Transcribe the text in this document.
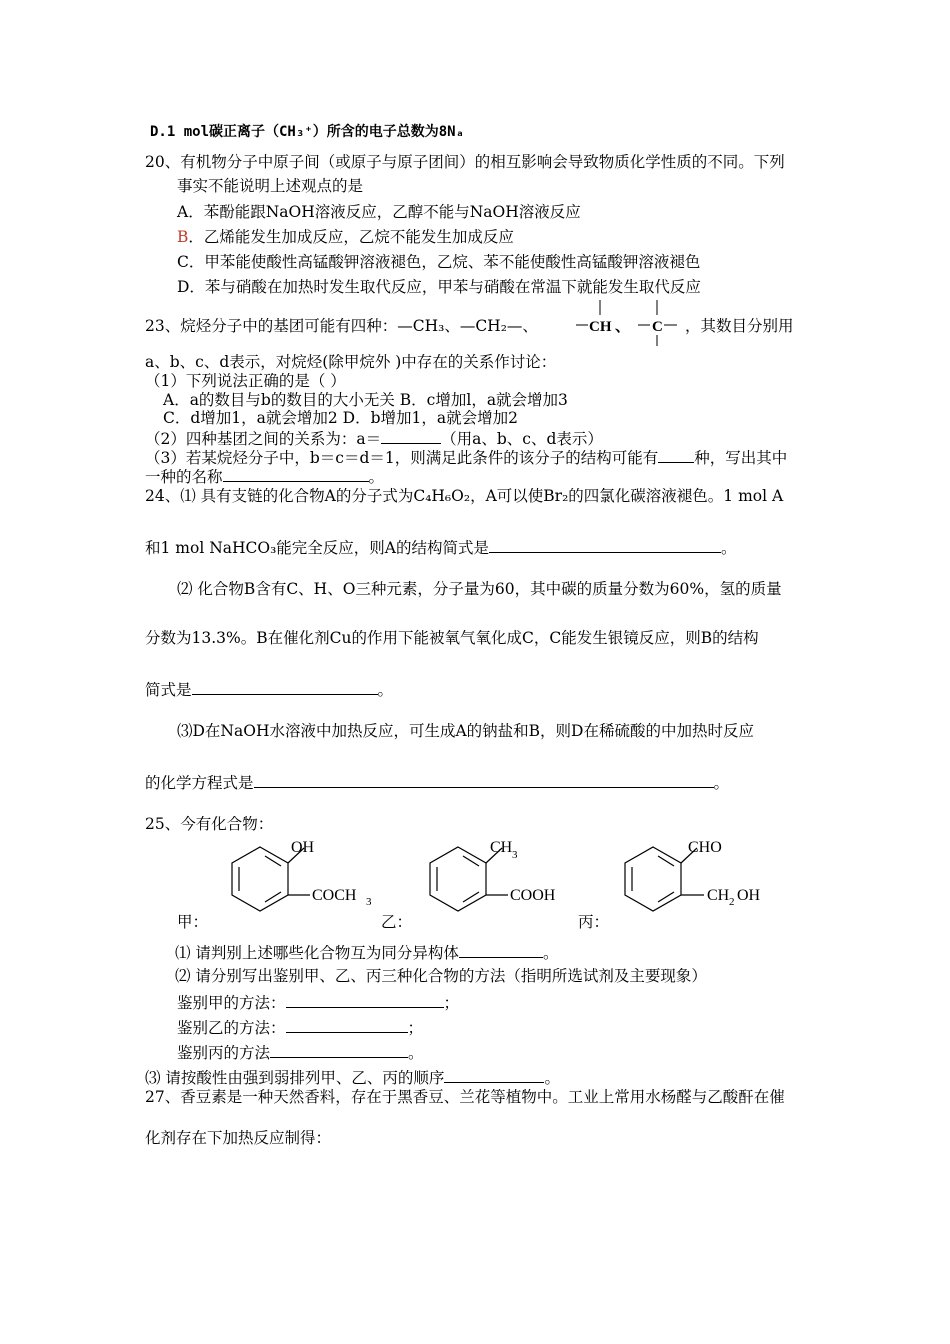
D.1 mol碳正离子（CH₃⁺）所含的电子总数为8Nₐ
20、有机物分子中原子间（或原子与原子团间）的相互影响会导致物质化学性质的不同。下列
事实不能说明上述观点的是
A．苯酚能跟NaOH溶液反应，乙醇不能与NaOH溶液反应
B．乙烯能发生加成反应，乙烷不能发生加成反应
C．甲苯能使酸性高锰酸钾溶液褪色，乙烷、苯不能使酸性高锰酸钾溶液褪色
D．苯与硝酸在加热时发生取代反应，甲苯与硝酸在常温下就能发生取代反应
23、烷烃分子中的基团可能有四种：—CH₃、—CH₂—、	CH 、 C ，其数目分别用
a、b、c、d表示，对烷烃(除甲烷外 )中存在的关系作讨论：
（1）下列说法正确的是（ ）
A．a的数目与b的数目的大小无关 B．c增加l，a就会增加3
C．d增加1，a就会增加2 D．b增加1，a就会增加2
（2）四种基团之间的关系为：a＝	（用a、b、c、d表示）
（3）若某烷烃分子中，b＝c＝d＝1，则满足此条件的该分子的结构可能有 种，写出其中
一种的名称	。
24、⑴ 具有支链的化合物A的分子式为C₄H₆O₂，A可以使Br₂的四氯化碳溶液褪色。1 mol A
和1 mol NaHCO₃能完全反应，则A的结构简式是	。
⑵ 化合物B含有C、H、O三种元素，分子量为60，其中碳的质量分数为60%，氢的质量
分数为13.3%。B在催化剂Cu的作用下能被氧气氧化成C，C能发生银镜反应，则B的结构
简式是	。
⑶D在NaOH水溶液中加热反应，可生成A的钠盐和B，则D在稀硫酸的中加热时反应
的化学方程式是	。
25、今有化合物：
OH
COCH 3
CH 3
COOH
CHO
CH 2 OH
甲：	乙：	丙：
⑴ 请判别上述哪些化合物互为同分异构体	。
⑵ 请分别写出鉴别甲、乙、丙三种化合物的方法（指明所选试剂及主要现象）
鉴别甲的方法：	；
鉴别乙的方法：	；
鉴别丙的方法	。
⑶ 请按酸性由强到弱排列甲、乙、丙的顺序	。
27、香豆素是一种天然香料，存在于黑香豆、兰花等植物中。工业上常用水杨醛与乙酸酐在催
化剂存在下加热反应制得：
